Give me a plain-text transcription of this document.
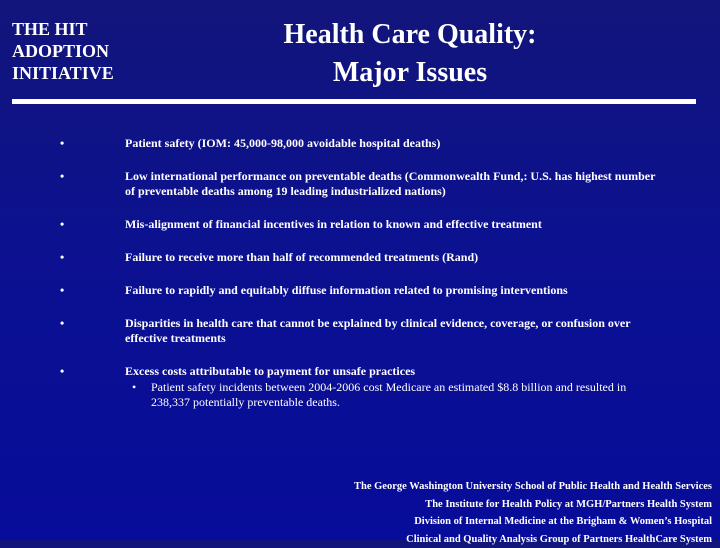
THE HIT
ADOPTION
INITIATIVE
Health Care Quality:
Major Issues
•	Patient safety (IOM: 45,000-98,000 avoidable hospital deaths)
•	Low international performance on preventable deaths (Commonwealth Fund,: U.S. has highest number of preventable deaths among 19 leading industrialized nations)
•	Mis-alignment of financial incentives in relation to known and effective treatment
•	Failure to receive more than half of recommended treatments (Rand)
•	Failure to rapidly and equitably diffuse information related to promising interventions
•	Disparities in health care that cannot be explained by clinical evidence, coverage, or confusion over effective treatments
•	Excess costs attributable to payment for unsafe practices
• Patient safety incidents between 2004-2006 cost Medicare an estimated $8.8 billion and resulted in 238,337 potentially preventable deaths.
The George Washington University School of Public Health and Health Services
The Institute for Health Policy at MGH/Partners Health System
Division of Internal Medicine at the Brigham & Women’s Hospital
Clinical and Quality Analysis Group of Partners HealthCare System
